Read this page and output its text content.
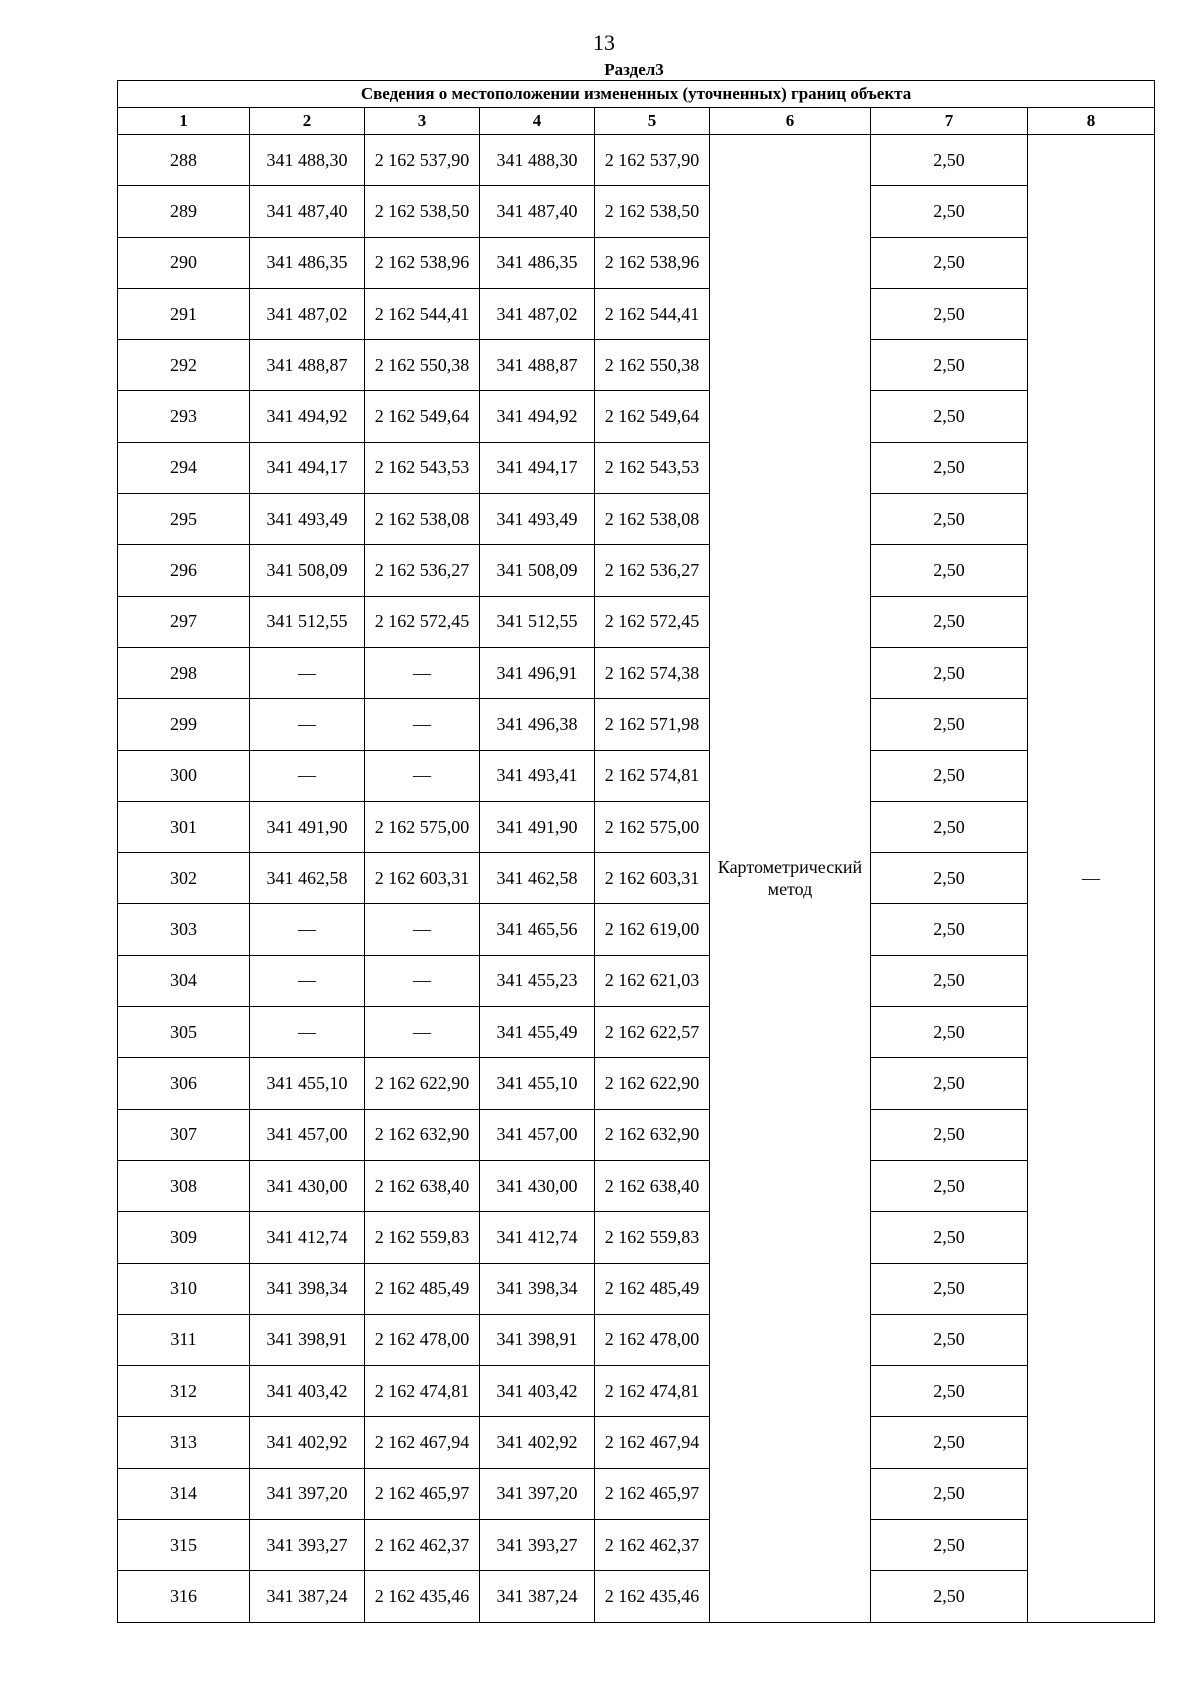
13
Раздел3
Сведения о местоположении измененных (уточненных) границ объекта							
1	2	3	4	5	6	7	8
288	341 488,30	2 162 537,90	341 488,30	2 162 537,90	Картометрический метод	2,50	—
289	341 487,40	2 162 538,50	341 487,40	2 162 538,50		2,50	
290	341 486,35	2 162 538,96	341 486,35	2 162 538,96		2,50	
291	341 487,02	2 162 544,41	341 487,02	2 162 544,41		2,50	
292	341 488,87	2 162 550,38	341 488,87	2 162 550,38		2,50	
293	341 494,92	2 162 549,64	341 494,92	2 162 549,64		2,50	
294	341 494,17	2 162 543,53	341 494,17	2 162 543,53		2,50	
295	341 493,49	2 162 538,08	341 493,49	2 162 538,08		2,50	
296	341 508,09	2 162 536,27	341 508,09	2 162 536,27		2,50	
297	341 512,55	2 162 572,45	341 512,55	2 162 572,45		2,50	
298	—	—	341 496,91	2 162 574,38		2,50	
299	—	—	341 496,38	2 162 571,98		2,50	
300	—	—	341 493,41	2 162 574,81		2,50	
301	341 491,90	2 162 575,00	341 491,90	2 162 575,00		2,50	
302	341 462,58	2 162 603,31	341 462,58	2 162 603,31		2,50	
303	—	—	341 465,56	2 162 619,00		2,50	
304	—	—	341 455,23	2 162 621,03		2,50	
305	—	—	341 455,49	2 162 622,57		2,50	
306	341 455,10	2 162 622,90	341 455,10	2 162 622,90		2,50	
307	341 457,00	2 162 632,90	341 457,00	2 162 632,90		2,50	
308	341 430,00	2 162 638,40	341 430,00	2 162 638,40		2,50	
309	341 412,74	2 162 559,83	341 412,74	2 162 559,83		2,50	
310	341 398,34	2 162 485,49	341 398,34	2 162 485,49		2,50	
311	341 398,91	2 162 478,00	341 398,91	2 162 478,00		2,50	
312	341 403,42	2 162 474,81	341 403,42	2 162 474,81		2,50	
313	341 402,92	2 162 467,94	341 402,92	2 162 467,94		2,50	
314	341 397,20	2 162 465,97	341 397,20	2 162 465,97		2,50	
315	341 393,27	2 162 462,37	341 393,27	2 162 462,37		2,50	
316	341 387,24	2 162 435,46	341 387,24	2 162 435,46		2,50	
